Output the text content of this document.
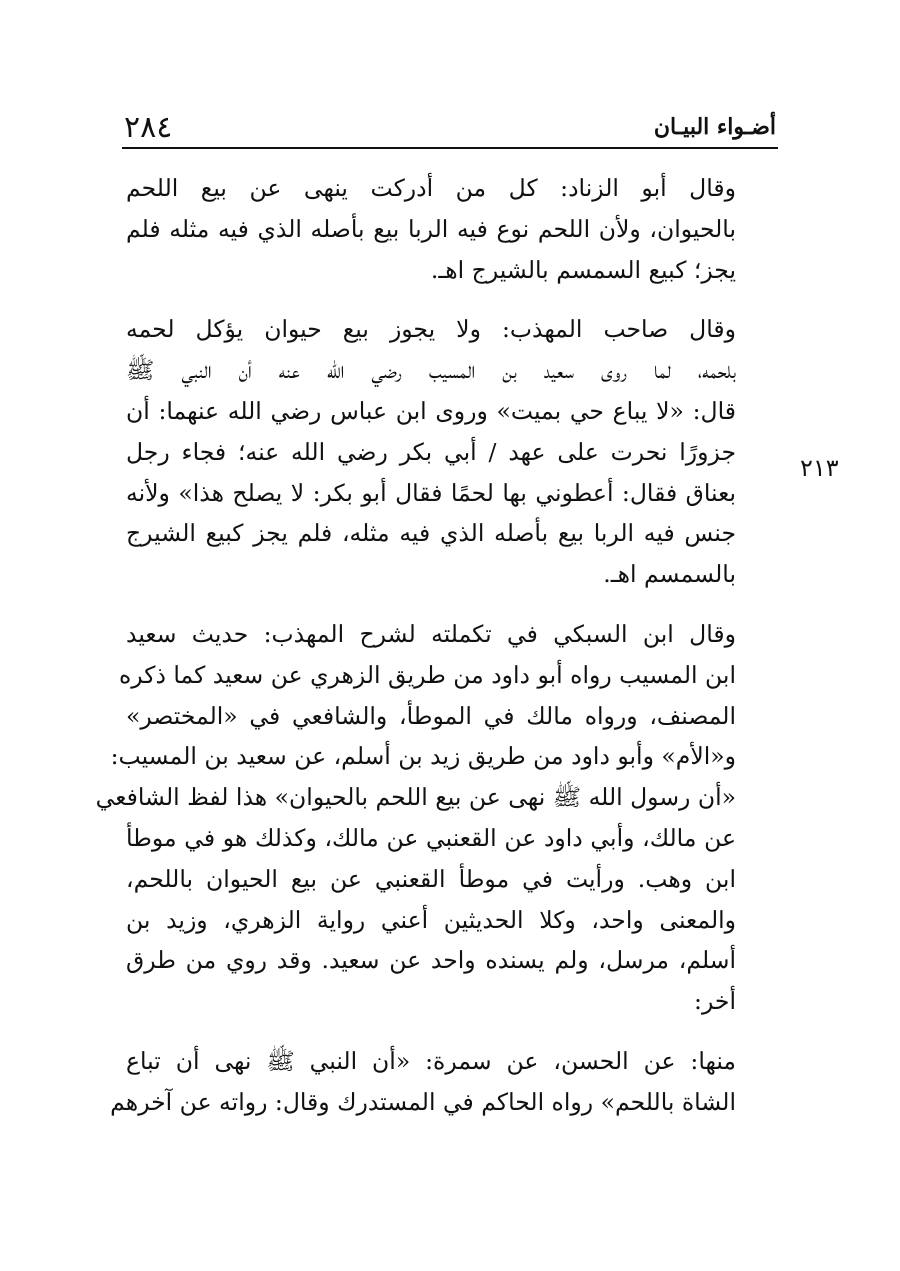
أضـواء البيـان
٢٨٤
٢١٣

وقال أبو الزناد: كل من أدركت ينهى عن بيع اللحم
بالحيوان، ولأن اللحم نوع فيه الربا بيع بأصله الذي فيه مثله فلم
يجز؛ كبيع السمسم بالشيرج اهـ.

وقال صاحب المهذب: ولا يجوز بيع حيوان يؤكل لحمه
بلحمه، لما روى سعيد بن المسيب رضي الله عنه أن النبي ﷺ
قال: «لا يباع حي بميت» وروى ابن عباس رضي الله عنهما: أن
جزورًا نحرت على عهد / أبي بكر رضي الله عنه؛ فجاء رجل
بعناق فقال: أعطوني بها لحمًا فقال أبو بكر: لا يصلح هذا» ولأنه
جنس فيه الربا بيع بأصله الذي فيه مثله، فلم يجز كبيع الشيرج
بالسمسم اهـ.

وقال ابن السبكي في تكملته لشرح المهذب: حديث سعيد
ابن المسيب رواه أبو داود من طريق الزهري عن سعيد كما ذكره
المصنف، ورواه مالك في الموطأ، والشافعي في «المختصر»
و«الأم» وأبو داود من طريق زيد بن أسلم، عن سعيد بن المسيب:
«أن رسول الله ﷺ نهى عن بيع اللحم بالحيوان» هذا لفظ الشافعي
عن مالك، وأبي داود عن القعنبي عن مالك، وكذلك هو في موطأ
ابن وهب. ورأيت في موطأ القعنبي عن بيع الحيوان باللحم،
والمعنى واحد، وكلا الحديثين أعني رواية الزهري، وزيد بن
أسلم، مرسل، ولم يسنده واحد عن سعيد. وقد روي من طرق
أخر:

منها: عن الحسن، عن سمرة: «أن النبي ﷺ نهى أن تباع
الشاة باللحم» رواه الحاكم في المستدرك وقال: رواته عن آخرهم
